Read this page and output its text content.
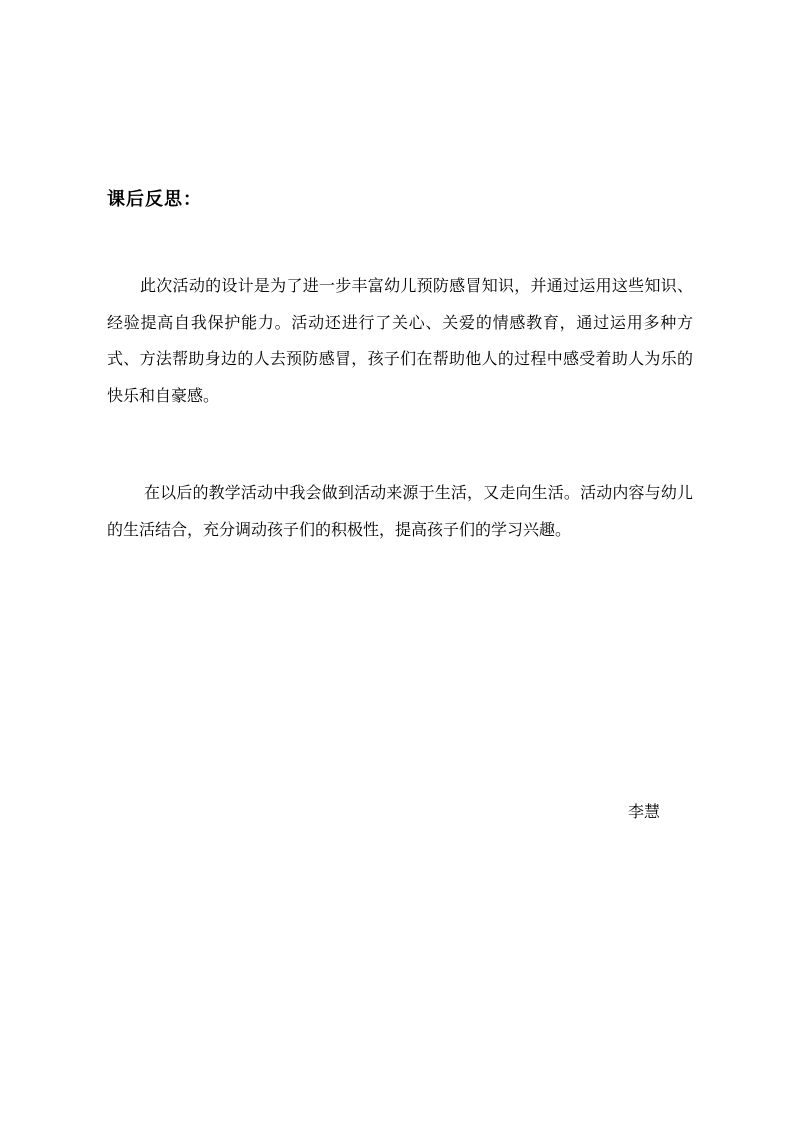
课后反思：

此次活动的设计是为了进一步丰富幼儿预防感冒知识，并通过运用这些知识、经验提高自我保护能力。活动还进行了关心、关爱的情感教育，通过运用多种方式、方法帮助身边的人去预防感冒，孩子们在帮助他人的过程中感受着助人为乐的快乐和自豪感。

在以后的教学活动中我会做到活动来源于生活，又走向生活。活动内容与幼儿的生活结合，充分调动孩子们的积极性，提高孩子们的学习兴趣。

李慧
